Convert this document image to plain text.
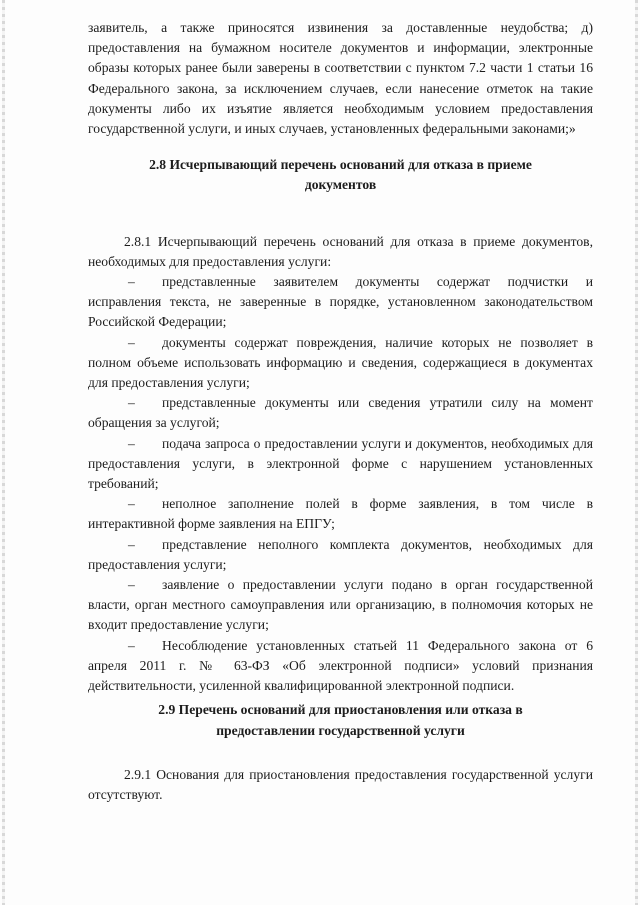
заявитель, а также приносятся извинения за доставленные неудобства; д) предоставления на бумажном носителе документов и информации, электронные образы которых ранее были заверены в соответствии с пунктом 7.2 части 1 статьи 16 Федерального закона, за исключением случаев, если нанесение отметок на такие документы либо их изъятие является необходимым условием предоставления государственной услуги, и иных случаев, установленных федеральными законами;»

2.8 Исчерпывающий перечень оснований для отказа в приеме документов

2.8.1 Исчерпывающий перечень оснований для отказа в приеме документов, необходимых для предоставления услуги:

– представленные заявителем документы содержат подчистки и исправления текста, не заверенные в порядке, установленном законодательством Российской Федерации;

– документы содержат повреждения, наличие которых не позволяет в полном объеме использовать информацию и сведения, содержащиеся в документах для предоставления услуги;

– представленные документы или сведения утратили силу на момент обращения за услугой;

– подача запроса о предоставлении услуги и документов, необходимых для предоставления услуги, в электронной форме с нарушением установленных требований;

– неполное заполнение полей в форме заявления, в том числе в интерактивной форме заявления на ЕПГУ;

– представление неполного комплекта документов, необходимых для предоставления услуги;

– заявление о предоставлении услуги подано в орган государственной власти, орган местного самоуправления или организацию, в полномочия которых не входит предоставление услуги;

– Несоблюдение установленных статьей 11 Федерального закона от 6 апреля 2011 г. № 63-ФЗ «Об электронной подписи» условий признания действительности, усиленной квалифицированной электронной подписи.

2.9 Перечень оснований для приостановления или отказа в предоставлении государственной услуги

2.9.1 Основания для приостановления предоставления государственной услуги отсутствуют.
